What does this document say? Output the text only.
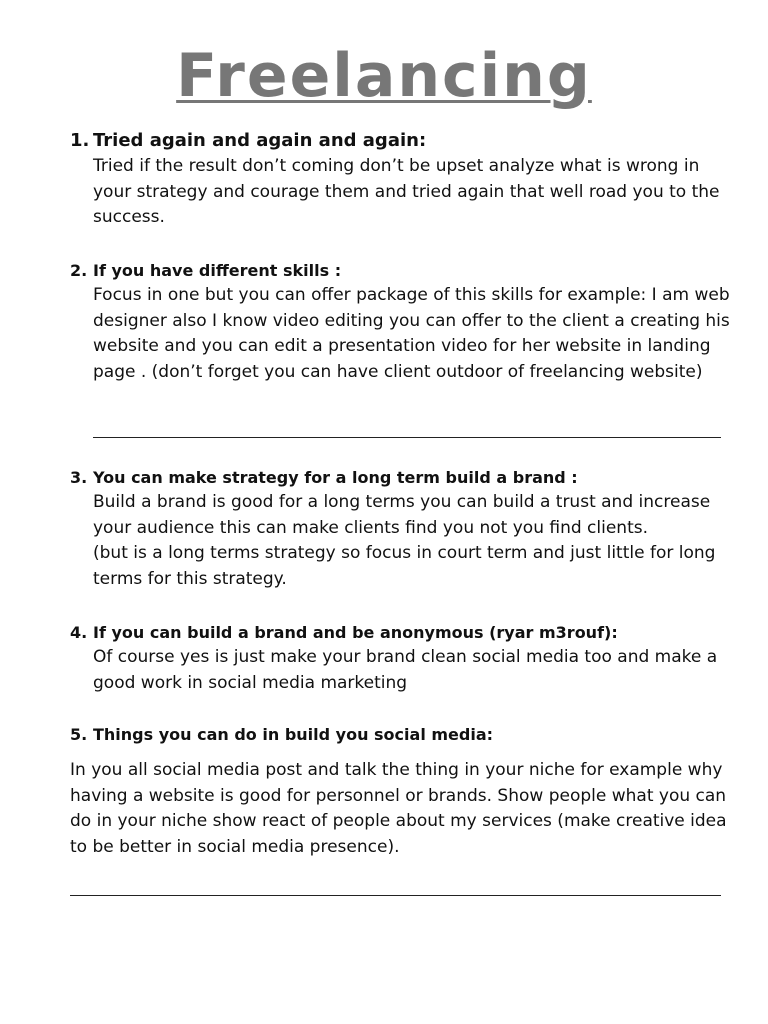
Freelancing
1. Tried again and again and again:
Tried if the result don’t coming don’t be upset analyze what is wrong in your strategy and courage them and tried again that well road you to the success.
2. If you have different skills :
Focus in one but you can offer package of this skills for example: I am web designer also I know video editing you can offer to the client a creating his website and you can edit a presentation video for her website in landing page . (don’t forget you can have client outdoor of freelancing website)
3. You can make strategy for a long term build a brand :
Build a brand is good for a long terms you can build a trust and increase your audience this can make clients find you not you find clients.
(but is a long terms strategy so focus in court term and just little for long terms for this strategy.
4. If you can build a brand and be anonymous (ryar m3rouf):
Of course yes is just make your brand clean social media too and make a good work in social media marketing
5. Things you can do in build you social media:
In you all social media post and talk the thing in your niche for example why having a website is good for personnel or brands. Show people what you can do in your niche show react of people about my services (make creative idea to be better in social media presence).
